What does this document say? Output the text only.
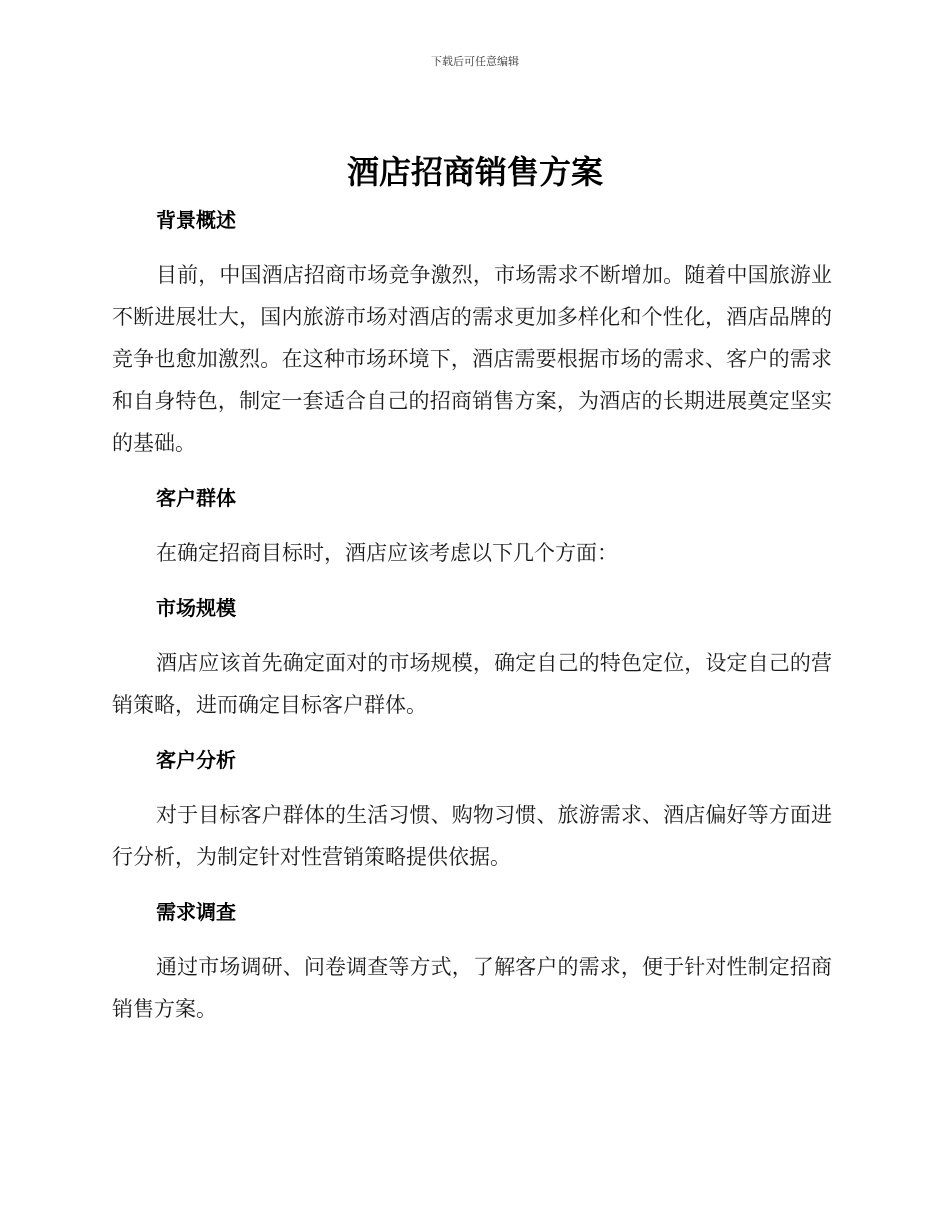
下载后可任意编辑
酒店招商销售方案
背景概述

目前，中国酒店招商市场竞争激烈，市场需求不断增加。随着中国旅游业不断进展壮大，国内旅游市场对酒店的需求更加多样化和个性化，酒店品牌的竞争也愈加激烈。在这种市场环境下，酒店需要根据市场的需求、客户的需求和自身特色，制定一套适合自己的招商销售方案，为酒店的长期进展奠定坚实的基础。

客户群体

在确定招商目标时，酒店应该考虑以下几个方面：

市场规模

酒店应该首先确定面对的市场规模，确定自己的特色定位，设定自己的营销策略，进而确定目标客户群体。

客户分析

对于目标客户群体的生活习惯、购物习惯、旅游需求、酒店偏好等方面进行分析，为制定针对性营销策略提供依据。

需求调查

通过市场调研、问卷调查等方式，了解客户的需求，便于针对性制定招商销售方案。
